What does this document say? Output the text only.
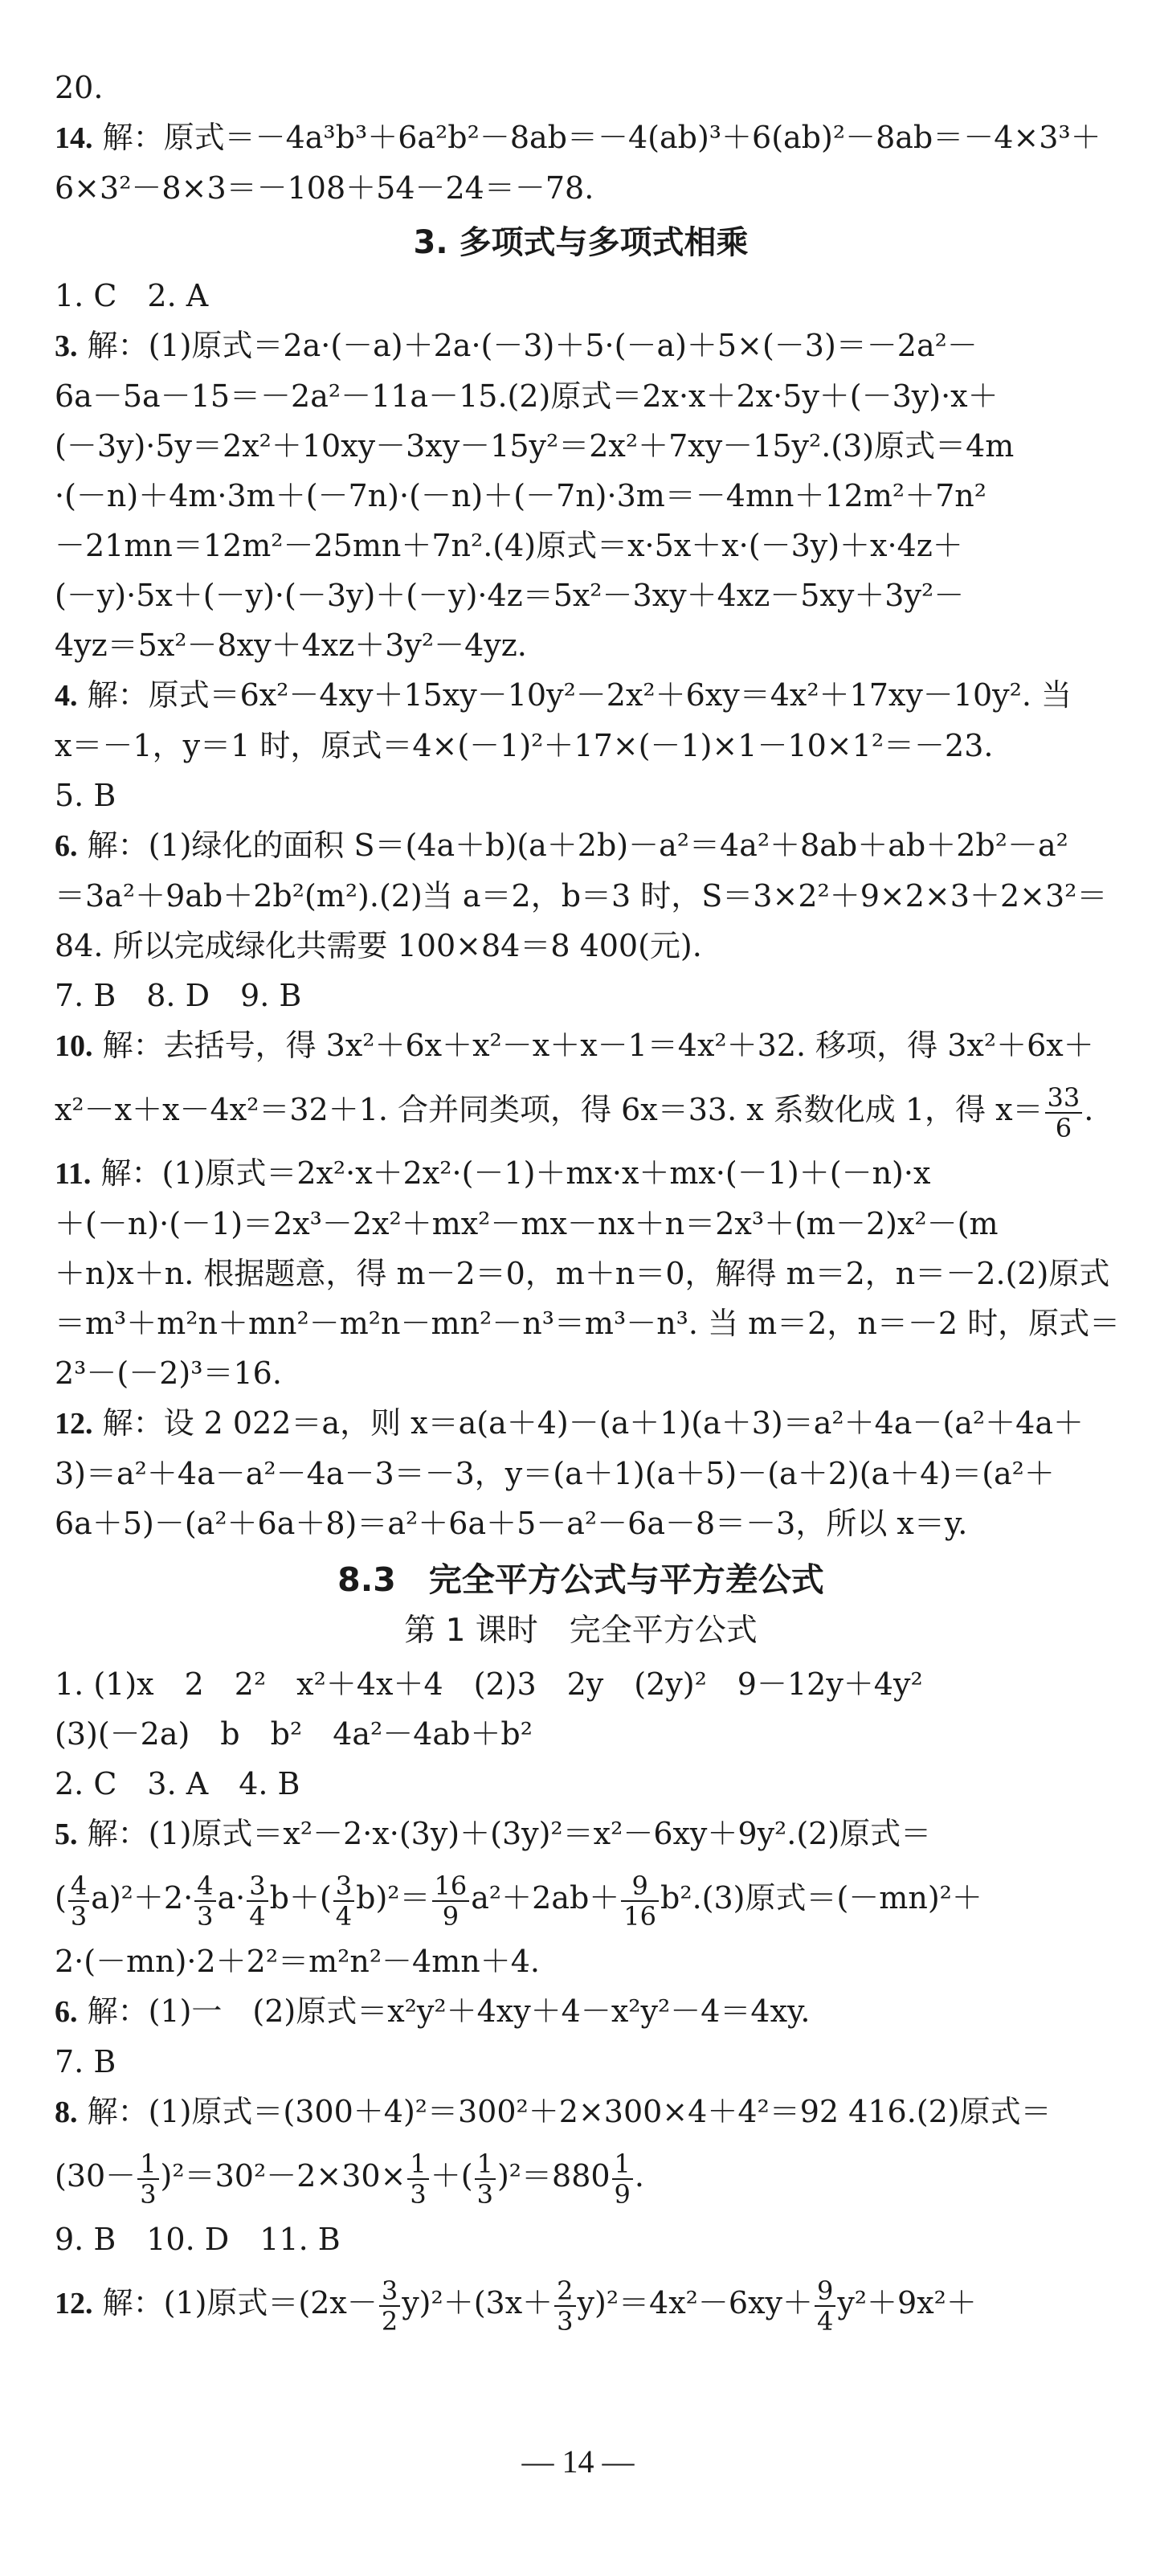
20.
14. 解：原式＝－4a³b³＋6a²b²－8ab＝－4(ab)³＋6(ab)²－8ab＝－4×3³＋
6×3²－8×3＝－108＋54－24＝－78.
3. 多项式与多项式相乘
1. C　2. A
3. 解：(1)原式＝2a·(－a)＋2a·(－3)＋5·(－a)＋5×(－3)＝－2a²－
6a－5a－15＝－2a²－11a－15.(2)原式＝2x·x＋2x·5y＋(－3y)·x＋
(－3y)·5y＝2x²＋10xy－3xy－15y²＝2x²＋7xy－15y².(3)原式＝4m
·(－n)＋4m·3m＋(－7n)·(－n)＋(－7n)·3m＝－4mn＋12m²＋7n²
－21mn＝12m²－25mn＋7n².(4)原式＝x·5x＋x·(－3y)＋x·4z＋
(－y)·5x＋(－y)·(－3y)＋(－y)·4z＝5x²－3xy＋4xz－5xy＋3y²－
4yz＝5x²－8xy＋4xz＋3y²－4yz.
4. 解：原式＝6x²－4xy＋15xy－10y²－2x²＋6xy＝4x²＋17xy－10y². 当
x＝－1，y＝1 时，原式＝4×(－1)²＋17×(－1)×1－10×1²＝－23.
5. B
6. 解：(1)绿化的面积 S＝(4a＋b)(a＋2b)－a²＝4a²＋8ab＋ab＋2b²－a²
＝3a²＋9ab＋2b²(m²).(2)当 a＝2，b＝3 时，S＝3×2²＋9×2×3＋2×3²＝
84. 所以完成绿化共需要 100×84＝8 400(元).
7. B　8. D　9. B
10. 解：去括号，得 3x²＋6x＋x²－x＋x－1＝4x²＋32. 移项，得 3x²＋6x＋
x²－x＋x－4x²＝32＋1. 合并同类项，得 6x＝33. x 系数化成 1，得 $x= \frac{33}{6}$ .
11. 解：(1)原式＝2x²·x＋2x²·(－1)＋mx·x＋mx·(－1)＋(－n)·x
＋(－n)·(－1)＝2x³－2x²＋mx²－mx－nx＋n＝2x³＋(m－2)x²－(m
＋n)x＋n. 根据题意，得 m－2＝0，m＋n＝0，解得 m＝2，n＝－2.(2)原式
＝m³＋m²n＋mn²－m²n－mn²－n³＝m³－n³. 当 m＝2，n＝－2 时，原式＝
2³－(－2)³＝16.
12. 解：设 2 022＝a，则 x＝a(a＋4)－(a＋1)(a＋3)＝a²＋4a－(a²＋4a＋
3)＝a²＋4a－a²－4a－3＝－3，y＝(a＋1)(a＋5)－(a＋2)(a＋4)＝(a²＋
6a＋5)－(a²＋6a＋8)＝a²＋6a＋5－a²－6a－8＝－3，所以 x＝y.
8.3　完全平方公式与平方差公式
第 1 课时　完全平方公式
1. (1)x　2　2²　x²＋4x＋4　(2)3　2y　(2y)²　9－12y＋4y²
(3)(－2a)　b　b²　4a²－4ab＋b²
2. C　3. A　4. B
5. 解：(1)原式＝x²－2·x·(3y)＋(3y)²＝x²－6xy＋9y².(2)原式＝
( $\frac{4}{3} a)^2+2\cdot \frac{4}{3} a\cdot \frac{3}{4} b+( \frac{3}{4} b)^2= \frac{16}{9} a^2+2ab+ \frac{9}{16} b^2.(3)$原式＝(－mn)²＋
2·(－mn)·2＋2²＝m²n²－4mn＋4.
6. 解：(1)一　(2)原式＝x²y²＋4xy＋4－x²y²－4＝4xy.
7. B
8. 解：(1)原式＝(300＋4)²＝300²＋2×300×4＋4²＝92 416.(2)原式＝
$(30- \frac{1}{3} )^2=30^2-2\times 30\times \frac{1}{3}$ ＋( $\frac{1}{3} )^2=880 \frac{1}{9}$ .
9. B　10. D　11. B
12. 解：(1)原式$=(2x- \frac{3}{2} y)^2+(3x+ \frac{2}{3} y)^2=4x^2-6xy+ \frac{9}{4} y^2+9x^2+$
— 14 —
